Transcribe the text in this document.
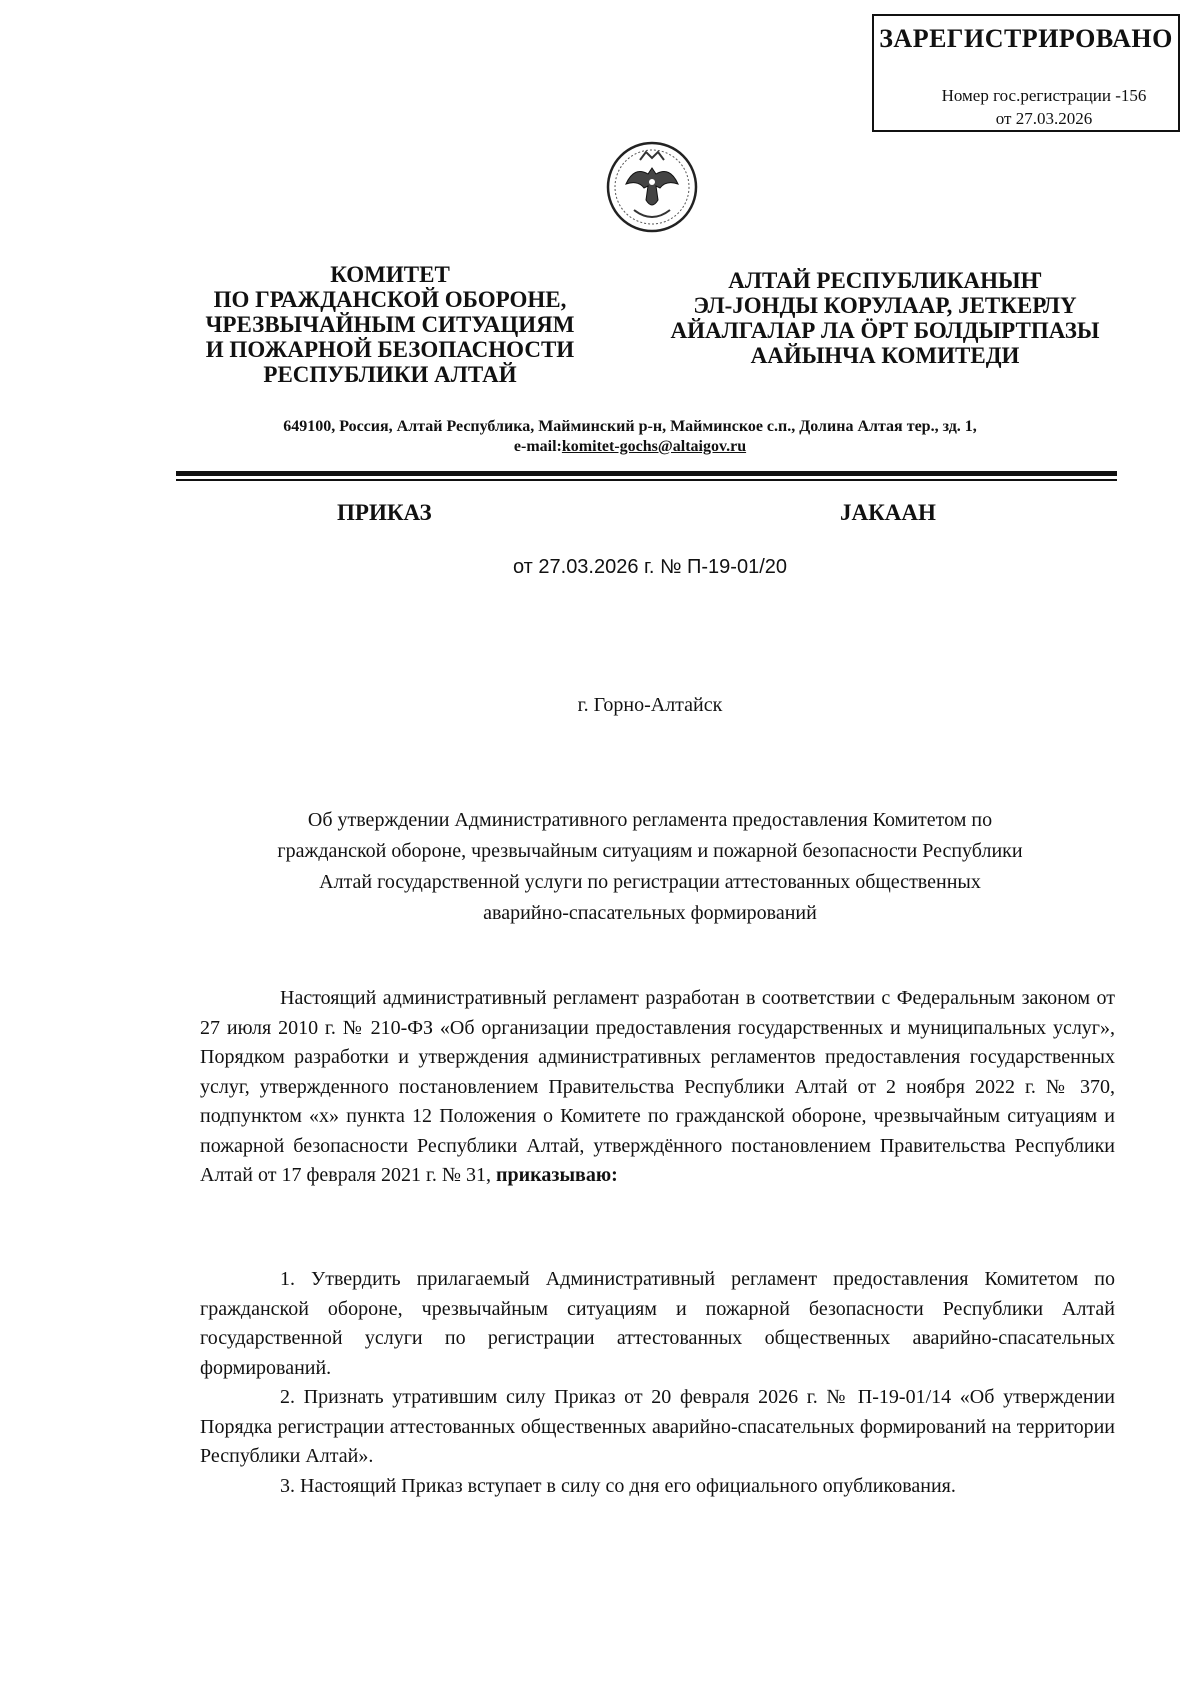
ЗАРЕГИСТРИРОВАНО
Номер гос.регистрации -156
от 27.03.2026
КОМИТЕТ
ПО ГРАЖДАНСКОЙ ОБОРОНЕ,
ЧРЕЗВЫЧАЙНЫМ СИТУАЦИЯМ
И ПОЖАРНОЙ БЕЗОПАСНОСТИ
РЕСПУБЛИКИ АЛТАЙ
АЛТАЙ РЕСПУБЛИКАНЫҤ
ЭЛ-JОНДЫ КОРУЛААР, JЕТКЕРЛҮ
АЙАЛГАЛАР ЛА ӦРТ БОЛДЫРТПАЗЫ
ААЙЫНЧА КОМИТЕДИ
649100, Россия, Алтай Республика, Майминский р-н, Майминское с.п., Долина Алтая тер., зд. 1,
e-mail:komitet-gochs@altaigov.ru
ПРИКАЗ	JАКААН
от 27.03.2026 г. № П-19-01/20
г. Горно-Алтайск
Об утверждении Административного регламента предоставления Комитетом по
гражданской обороне, чрезвычайным ситуациям и пожарной безопасности Республики
Алтай государственной услуги по регистрации аттестованных общественных
аварийно-спасательных формирований

Настоящий административный регламент разработан в соответствии с Федеральным законом от 27 июля 2010 г. № 210-ФЗ «Об организации предоставления государственных и муниципальных услуг», Порядком разработки и утверждения административных регламентов предоставления государственных услуг, утвержденного постановлением Правительства Республики Алтай от 2 ноября 2022 г. № 370, подпунктом «х» пункта 12 Положения о Комитете по гражданской обороне, чрезвычайным ситуациям и пожарной безопасности Республики Алтай, утверждённого постановлением Правительства Республики Алтай от 17 февраля 2021 г. № 31, приказываю:

1. Утвердить прилагаемый Административный регламент предоставления Комитетом по гражданской обороне, чрезвычайным ситуациям и пожарной безопасности Республики Алтай государственной услуги по регистрации аттестованных общественных аварийно-спасательных формирований.

2. Признать утратившим силу Приказ от 20 февраля 2026 г. № П-19-01/14 «Об утверждении Порядка регистрации аттестованных общественных аварийно-спасательных формирований на территории Республики Алтай».

3. Настоящий Приказ вступает в силу со дня его официального опубликования.
